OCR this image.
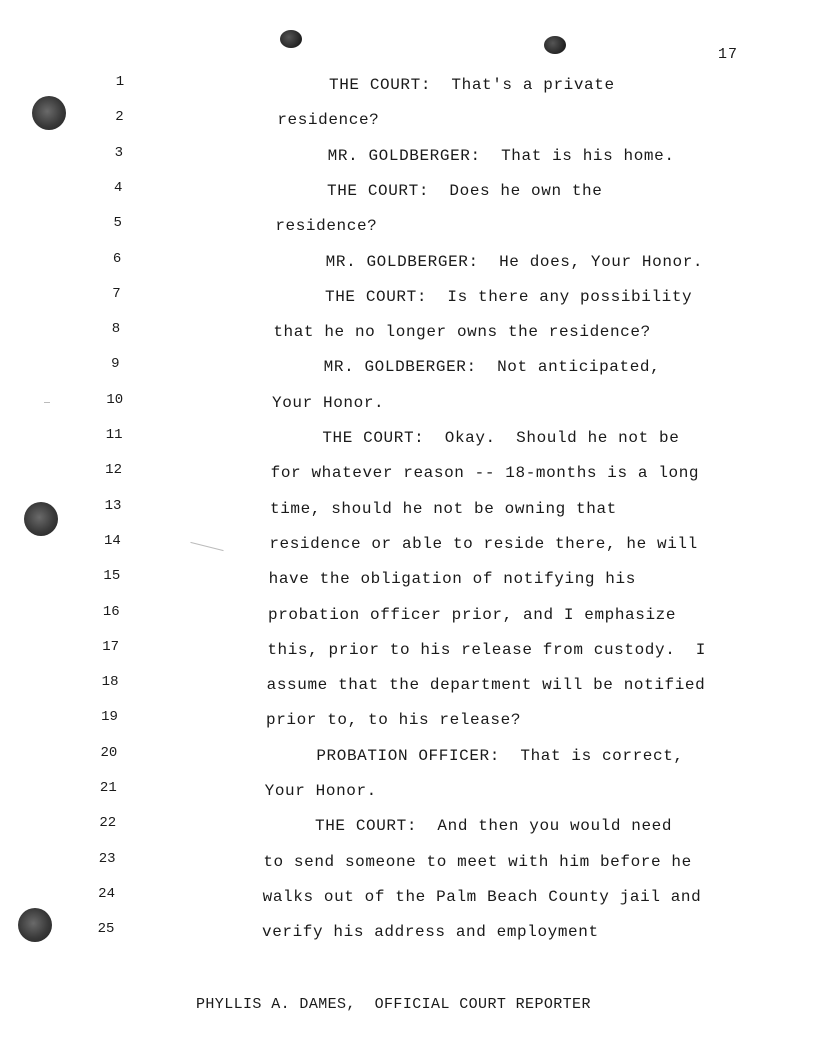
17
1	THE COURT:  That's a private
2	residence?
3	MR. GOLDBERGER:  That is his home.
4	THE COURT:  Does he own the
5	residence?
6	MR. GOLDBERGER:  He does, Your Honor.
7	THE COURT:  Is there any possibility
8	that he no longer owns the residence?
9	MR. GOLDBERGER:  Not anticipated,
10	Your Honor.
11	THE COURT:  Okay.  Should he not be
12	for whatever reason -- 18-months is a long
13	time, should he not be owning that
14	residence or able to reside there, he will
15	have the obligation of notifying his
16	probation officer prior, and I emphasize
17	this, prior to his release from custody.  I
18	assume that the department will be notified
19	prior to, to his release?
20	PROBATION OFFICER:  That is correct,
21	Your Honor.
22	THE COURT:  And then you would need
23	to send someone to meet with him before he
24	walks out of the Palm Beach County jail and
25	verify his address and employment
PHYLLIS A. DAMES,  OFFICIAL COURT REPORTER
